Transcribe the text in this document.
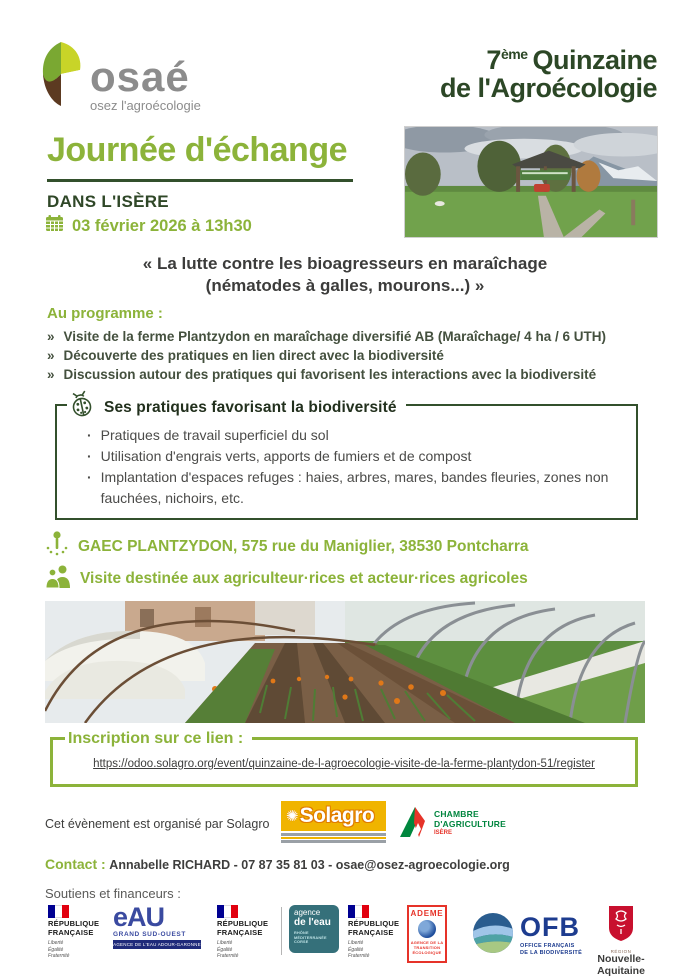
osaé
osez l'agroécologie
7ème Quinzaine
de l'Agroécologie
Journée d'échange
DANS L'ISÈRE
03 février 2026 à 13h30
« La lutte contre les bioagresseurs en maraîchage
(nématodes à galles, mourons...) »
Au programme :
» Visite de la ferme Plantzydon en maraîchage diversifié AB (Maraîchage/ 4 ha / 6 UTH)
» Découverte des pratiques en lien direct avec la biodiversité
» Discussion autour des pratiques qui favorisent les interactions avec la biodiversité
Ses pratiques favorisant la biodiversité
· Pratiques de travail superficiel du sol
· Utilisation d'engrais verts, apports de fumiers et de compost
· Implantation d'espaces refuges : haies, arbres, mares, bandes fleuries, zones non fauchées, nichoirs, etc.
GAEC PLANTZYDON, 575 rue du Maniglier, 38530 Pontcharra
Visite destinée aux agriculteur·rices et acteur·rices agricoles
Inscription sur ce lien :
https://odoo.solagro.org/event/quinzaine-de-l-agroecologie-visite-de-la-ferme-plantydon-51/register
Cet évènement est organisé par Solagro ✺ Solagro	CHAMBRE
D'AGRICULTURE
ISÈRE
Contact : Annabelle RICHARD - 07 87 35 81 03 - osae@osez-agroecologie.org
Soutiens et financeurs :
RÉPUBLIQUE
FRANÇAISE
Liberté
Égalité
Fraternité
eAU
GRAND SUD-OUEST
AGENCE DE L'EAU ADOUR-GARONNE
RÉPUBLIQUE
FRANÇAISE
Liberté
Égalité
Fraternité
agence
de l'eau
RHÔNE
MÉDITERRANÉE
CORSE
RÉPUBLIQUE
FRANÇAISE
Liberté
Égalité
Fraternité
ADEME
AGENCE DE LA
TRANSITION
ÉCOLOGIQUE
OFB
OFFICE FRANÇAIS
DE LA BIODIVERSITÉ	RÉGION
Nouvelle-
Aquitaine
